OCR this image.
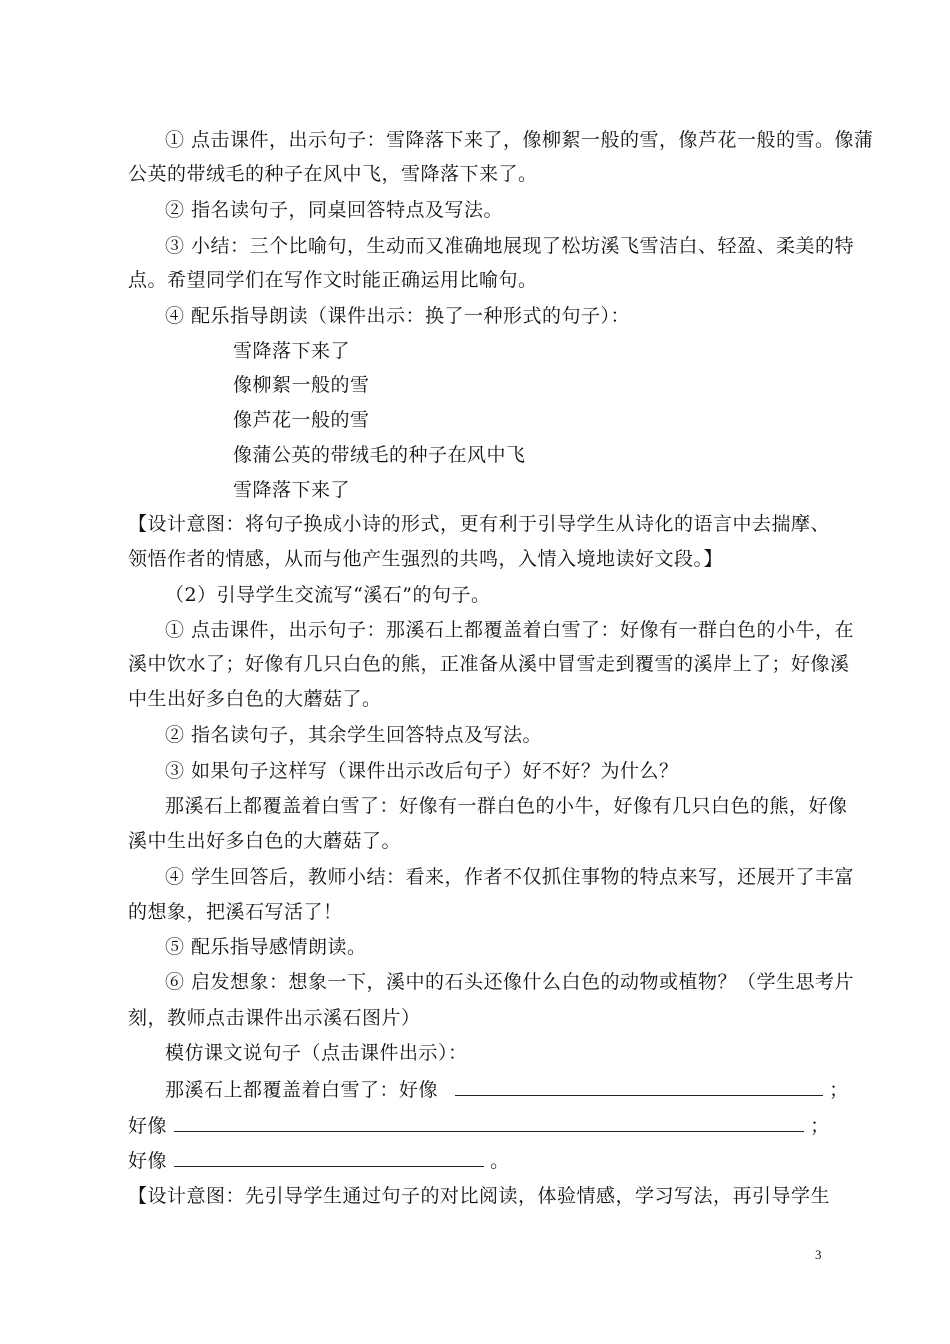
① 点击课件，出示句子：雪降落下来了，像柳絮一般的雪，像芦花一般的雪。像蒲
公英的带绒毛的种子在风中飞，雪降落下来了。
② 指名读句子，同桌回答特点及写法。
③ 小结：三个比喻句，生动而又准确地展现了松坊溪飞雪洁白、轻盈、柔美的特
点。希望同学们在写作文时能正确运用比喻句。
④ 配乐指导朗读（课件出示：换了一种形式的句子）：
雪降落下来了
像柳絮一般的雪
像芦花一般的雪
像蒲公英的带绒毛的种子在风中飞
雪降落下来了
【设计意图：将句子换成小诗的形式，更有利于引导学生从诗化的语言中去揣摩、
领悟作者的情感，从而与他产生强烈的共鸣，入情入境地读好文段。】
（2）引导学生交流写“溪石”的句子。
① 点击课件，出示句子：那溪石上都覆盖着白雪了：好像有一群白色的小牛，在
溪中饮水了；好像有几只白色的熊，正准备从溪中冒雪走到覆雪的溪岸上了；好像溪
中生出好多白色的大蘑菇了。
② 指名读句子，其余学生回答特点及写法。
③ 如果句子这样写（课件出示改后句子）好不好？为什么？
那溪石上都覆盖着白雪了：好像有一群白色的小牛，好像有几只白色的熊，好像
溪中生出好多白色的大蘑菇了。
④ 学生回答后，教师小结：看来，作者不仅抓住事物的特点来写，还展开了丰富
的想象，把溪石写活了！
⑤ 配乐指导感情朗读。
⑥ 启发想象：想象一下，溪中的石头还像什么白色的动物或植物？（学生思考片
刻，教师点击课件出示溪石图片）
模仿课文说句子（点击课件出示）：
那溪石上都覆盖着白雪了：好像	；
好像	；
好像	。
【设计意图：先引导学生通过句子的对比阅读，体验情感，学习写法，再引导学生
3
